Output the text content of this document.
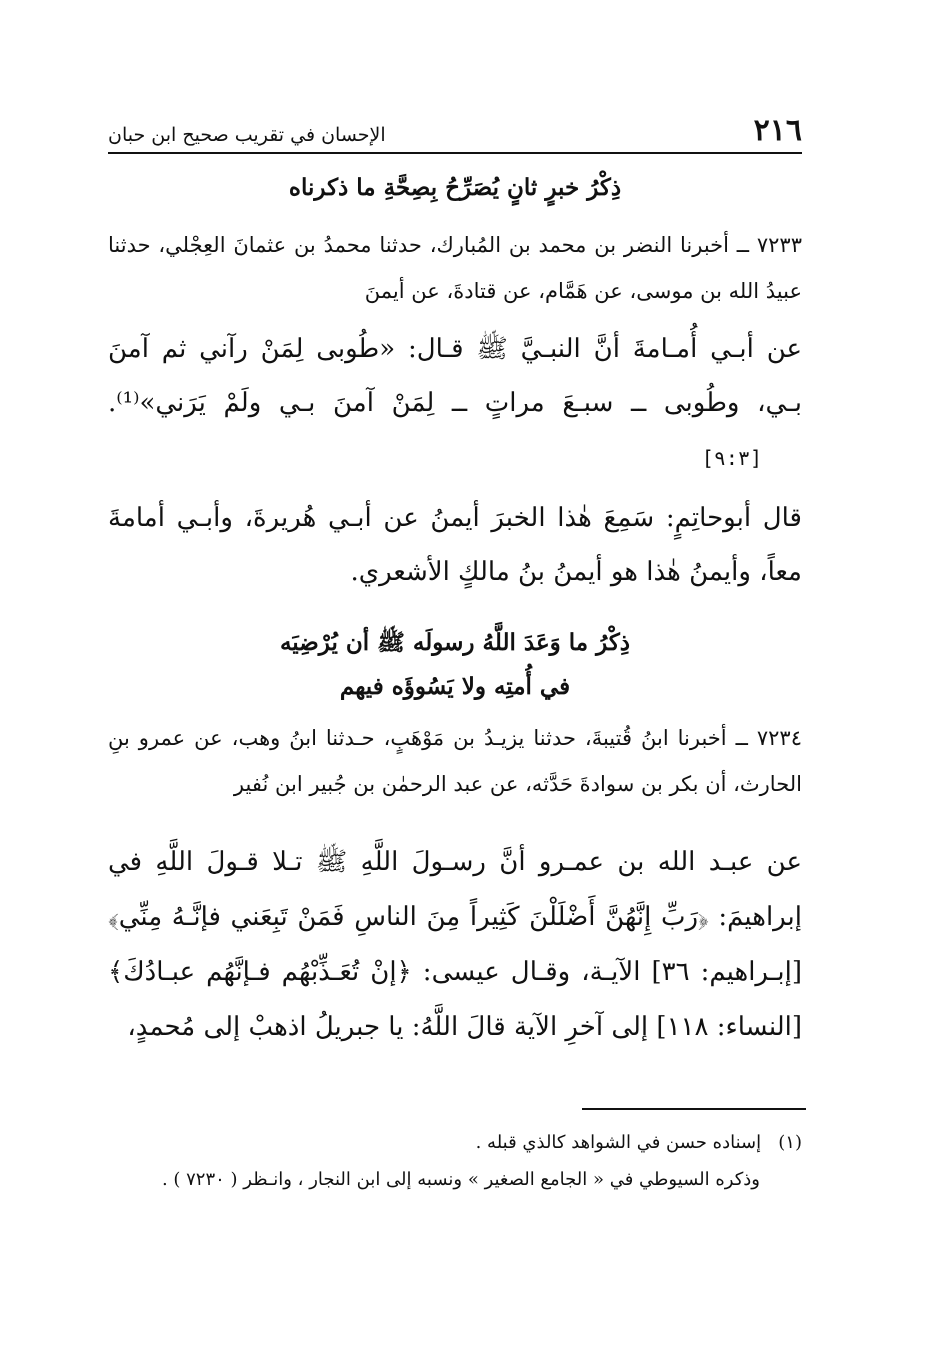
٢١٦
الإحسان في تقريب صحيح ابن حبان
ذِكْرُ خبرٍ ثانٍ يُصَرِّحُ بِصِحَّةِ ما ذكرناه

٧٢٣٣ ــ أخبرنا النضر بن محمد بن المُبارك، حدثنا محمدُ بن عثمانَ العِجْلي، حدثنا عبيدُ الله بن موسى، عن هَمَّام، عن قتادةَ، عن أيمنَ

عن أبـي أُمـامةَ أنَّ النبـيَّ ﷺ قـال: «طُوبى لِمَنْ رآني ثم آمنَ بـي، وطُوبى ــ سبـعَ مراتٍ ــ لِمَنْ آمنَ بـي ولَمْ يَرَني»⁽¹⁾.[٩:٣]

قال أبوحاتِمٍ: سَمِعَ هٰذا الخبرَ أيمنُ عن أبـي هُريرةَ، وأبـي أمامةَ معاً، وأيمنُ هٰذا هو أيمنُ بنُ مالكٍ الأشعري.

ذِكْرُ ما وَعَدَ اللَّهُ رسولَه ﷺ أن يُرْضِيَه
في أُمتِه ولا يَسُوؤَه فيهم

٧٢٣٤ ــ أخبرنا ابنُ قُتيبةَ، حدثنا يزيـدُ بن مَوْهَبٍ، حـدثنا ابنُ وهب، عن عمرو بنِ الحارث، أن بكر بن سوادةَ حَدَّثه، عن عبد الرحمٰن بن جُبير ابن نُفير

عن عبـد الله بن عمـرو أنَّ رسـولَ اللَّهِ ﷺ تـلا قـولَ اللَّهِ في إبراهيمَ: ﴿رَبِّ إِنَّهُنَّ أَضْلَلْنَ كَثِيراً مِنَ الناسِ فَمَنْ تَبِعَني فإنَّـهُ مِنِّي﴾ [إبـراهيم: ٣٦] الآيـة، وقـال عيسى: ﴿إنْ تُعَـذِّبْهُم فـإنَّهُم عبـادُكَ﴾ [النساء: ١١٨] إلى آخرِ الآية قالَ اللَّهُ: يا جبريلُ اذهبْ إلى مُحمدٍ،

(١)   إسناده حسن في الشواهد كالذي قبله .
وذكره السيوطي في « الجامع الصغير » ونسبه إلى ابن النجار ، وانـظر ( ٧٢٣٠ ) .
